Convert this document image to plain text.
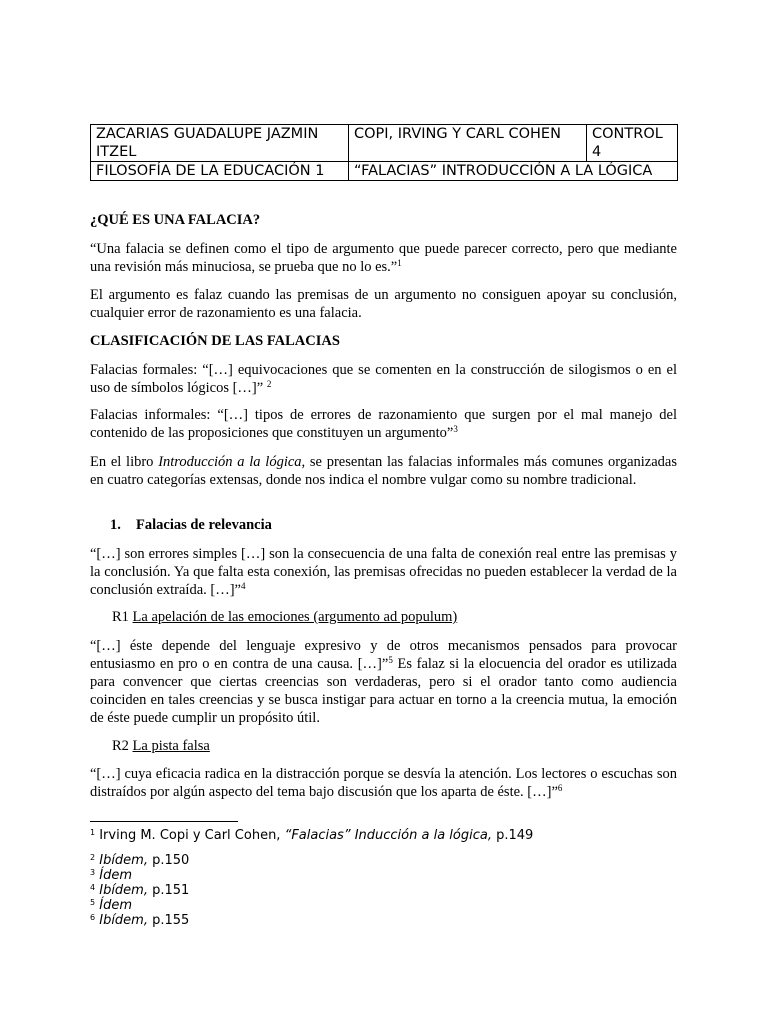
ZACARIAS GUADALUPE JAZMIN ITZEL	COPI, IRVING Y CARL COHEN	CONTROL 4
FILOSOFÍA DE LA EDUCACIÓN 1	“FALACIAS” INTRODUCCIÓN A LA LÓGICA	

¿QUÉ ES UNA FALACIA?

“Una falacia se definen como el tipo de argumento que puede parecer correcto, pero que mediante una revisión más minuciosa, se prueba que no lo es.”$^1$

El argumento es falaz cuando las premisas de un argumento no consiguen apoyar su conclusión, cualquier error de razonamiento es una falacia.

CLASIFICACIÓN DE LAS FALACIAS

Falacias formales: “[…] equivocaciones que se comenten en la construcción de silogismos o en el uso de símbolos lógicos […]” $^2$

Falacias informales: “[…] tipos de errores de razonamiento que surgen por el mal manejo del contenido de las proposiciones que constituyen un argumento”$^3$

En el libro Introducción a la lógica, se presentan las falacias informales más comunes organizadas en cuatro categorías extensas, donde nos indica el nombre vulgar como su nombre tradicional.

1. Falacias de relevancia

“[…] son errores simples […] son la consecuencia de una falta de conexión real entre las premisas y la conclusión. Ya que falta esta conexión, las premisas ofrecidas no pueden establecer la verdad de la conclusión extraída. […]”$^4$

R1 La apelación de las emociones (argumento ad populum)

“[…] éste depende del lenguaje expresivo y de otros mecanismos pensados para provocar entusiasmo en pro o en contra de una causa. […]”$^5$ Es falaz si la elocuencia del orador es utilizada para convencer que ciertas creencias son verdaderas, pero si el orador tanto como audiencia coinciden en tales creencias y se busca instigar para actuar en torno a la creencia mutua, la emoción de éste puede cumplir un propósito útil.

R2 La pista falsa

“[…] cuya eficacia radica en la distracción porque se desvía la atención. Los lectores o escuchas son distraídos por algún aspecto del tema bajo discusión que los aparta de éste. […]”$^6$

$^1$ Irving M. Copi y Carl Cohen, “Falacias” Inducción a la lógica, p.149
$^2$ Ibídem, p.150
$^3$ Ídem
$^4$ Ibídem, p.151
$^5$ Ídem
$^6$ Ibídem, p.155
